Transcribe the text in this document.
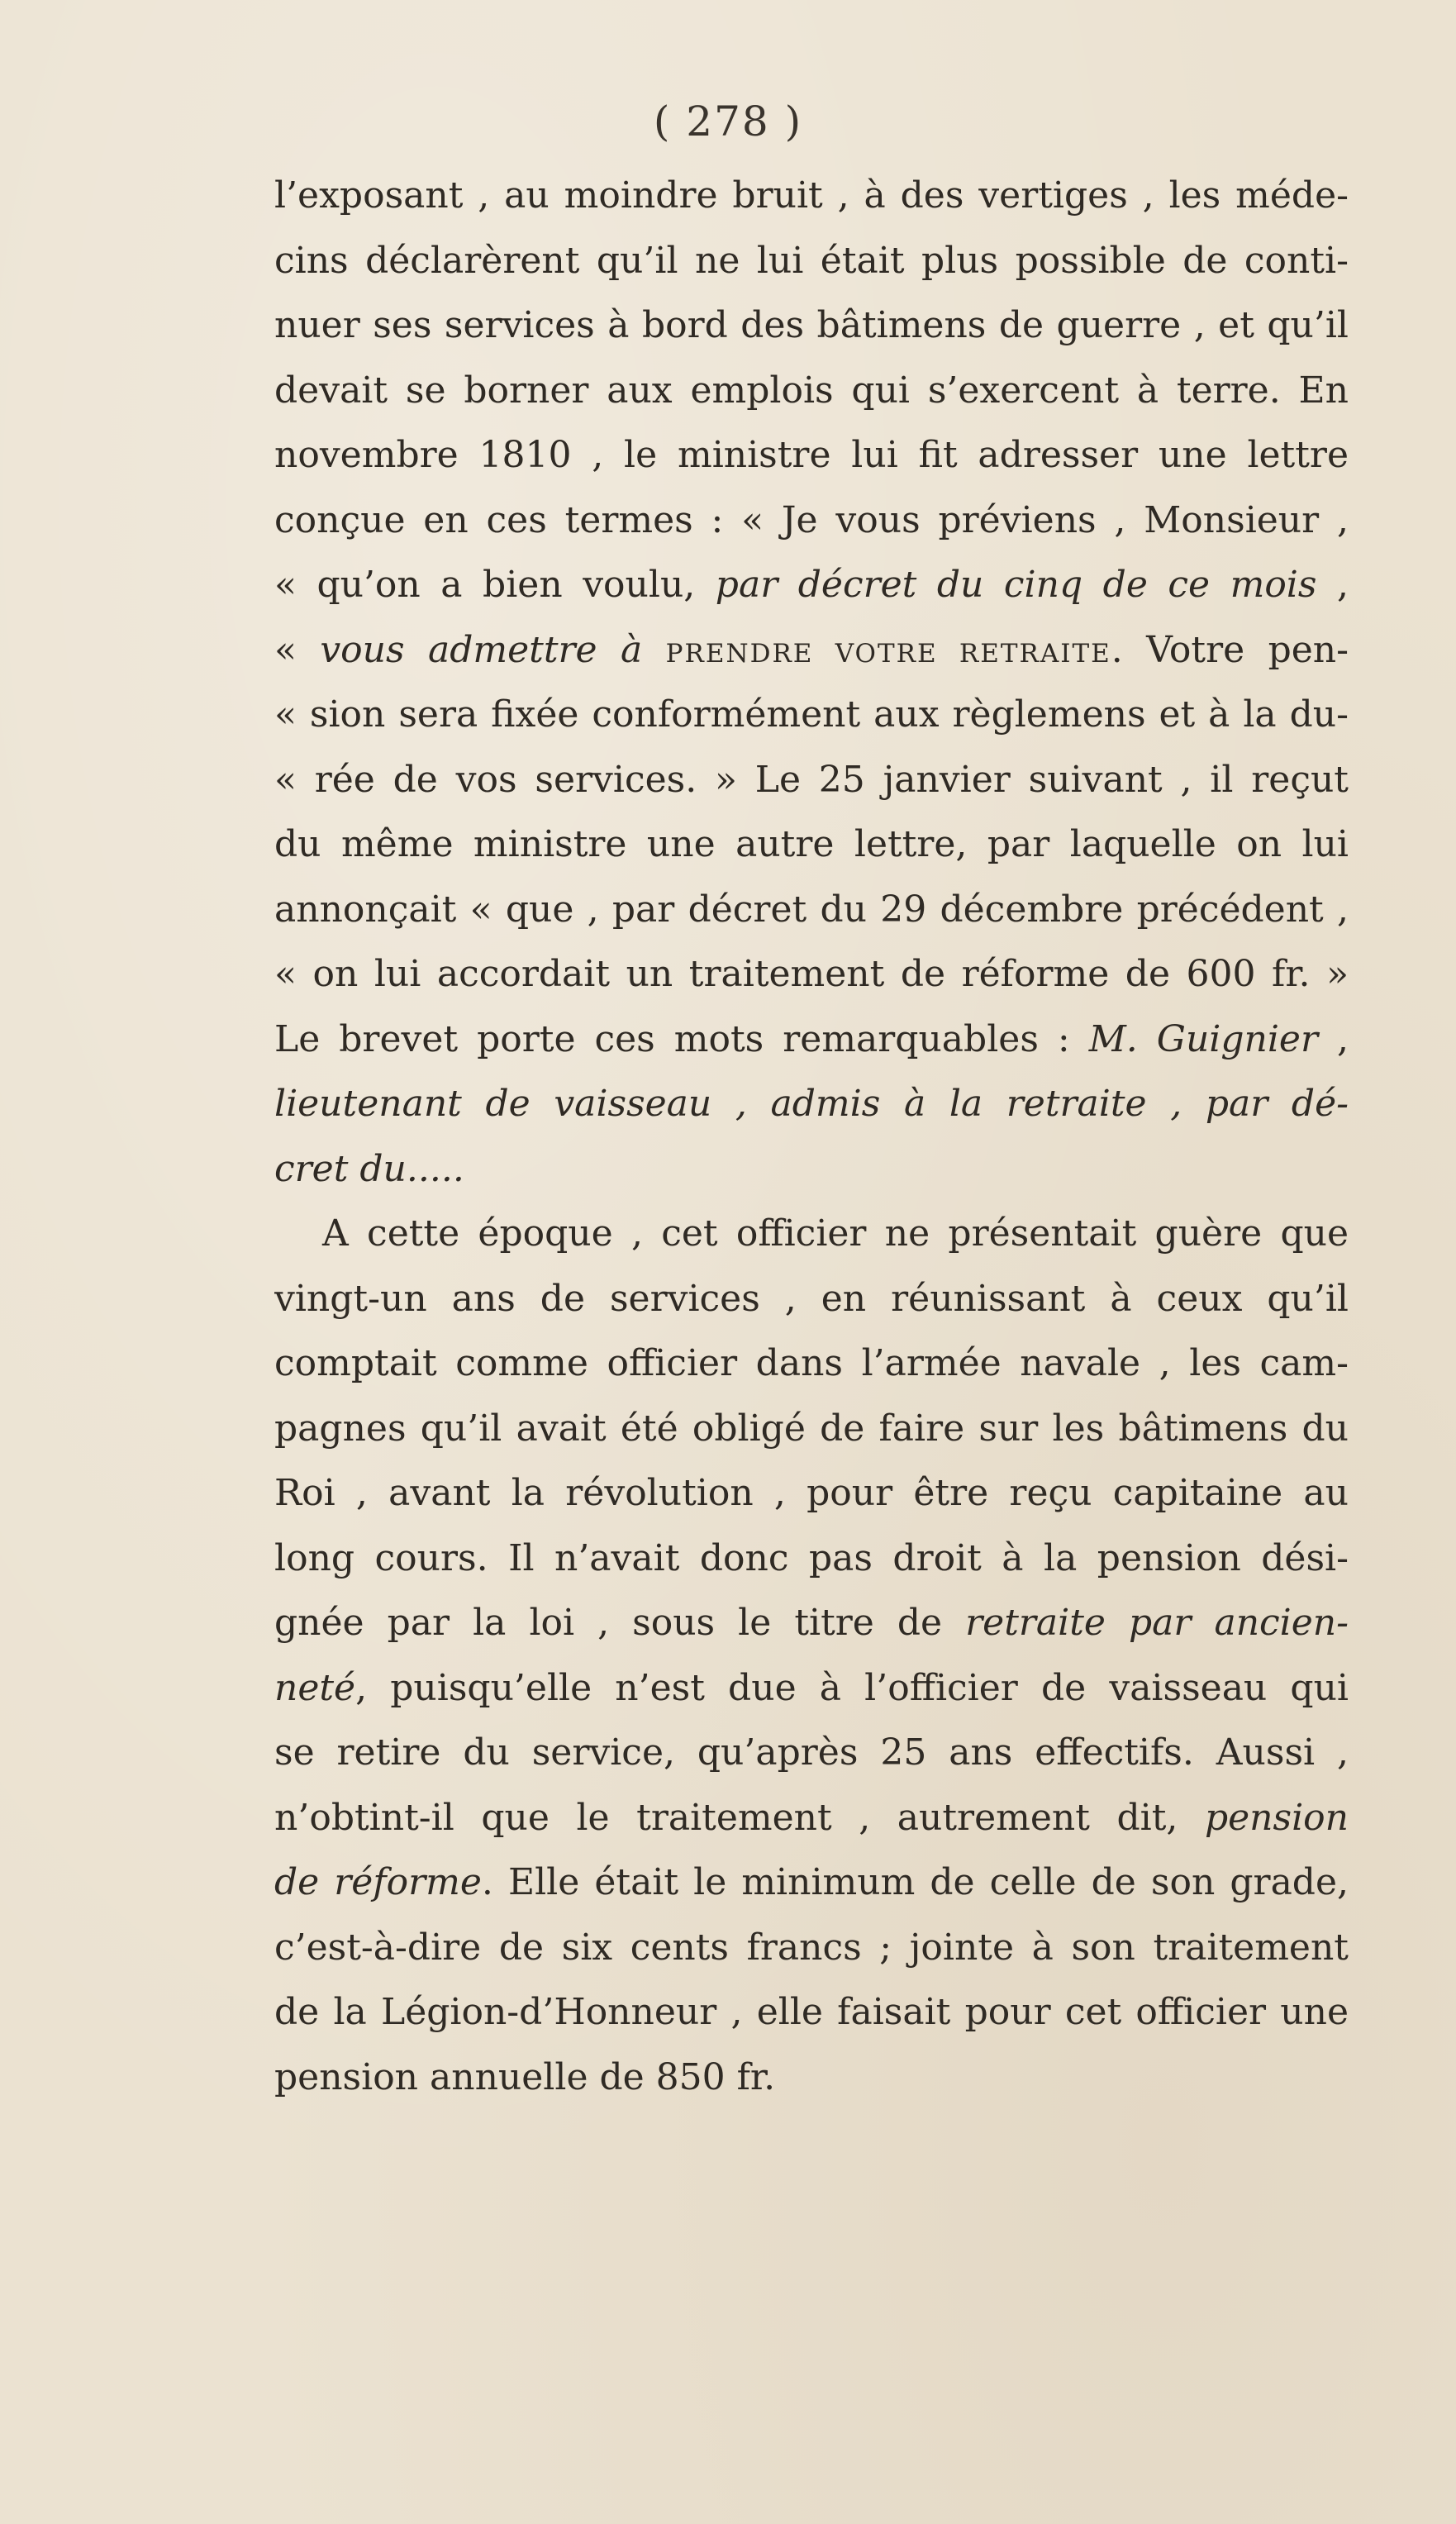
( 278 )
l’exposant , au moindre bruit , à des vertiges , les méde-
cins déclarèrent qu’il ne lui était plus possible de conti-
nuer ses services à bord des bâtimens de guerre , et qu’il
devait se borner aux emplois qui s’exercent à terre. En
novembre 1810 , le ministre lui fit adresser une lettre
conçue en ces termes : « Je vous préviens , Monsieur ,
« qu’on a bien voulu, par décret du cinq de ce mois ,
« vous admettre à PRENDRE VOTRE RETRAITE. Votre pen-
« sion sera fixée conformément aux règlemens et à la du-
« rée de vos services. » Le 25 janvier suivant , il reçut
du même ministre une autre lettre, par laquelle on lui
annonçait « que , par décret du 29 décembre précédent ,
« on lui accordait un traitement de réforme de 600 fr. »
Le brevet porte ces mots remarquables : M. Guignier ,
lieutenant de vaisseau , admis à la retraite , par dé-
cret du.....
A cette époque , cet officier ne présentait guère que
vingt-un ans de services , en réunissant à ceux qu’il
comptait comme officier dans l’armée navale , les cam-
pagnes qu’il avait été obligé de faire sur les bâtimens du
Roi , avant la révolution , pour être reçu capitaine au
long cours. Il n’avait donc pas droit à la pension dési-
gnée par la loi , sous le titre de retraite par ancien-
neté, puisqu’elle n’est due à l’officier de vaisseau qui
se retire du service, qu’après 25 ans effectifs. Aussi ,
n’obtint-il que le traitement , autrement dit, pension
de réforme. Elle était le minimum de celle de son grade,
c’est-à-dire de six cents francs ; jointe à son traitement
de la Légion-d’Honneur , elle faisait pour cet officier une
pension annuelle de 850 fr.
